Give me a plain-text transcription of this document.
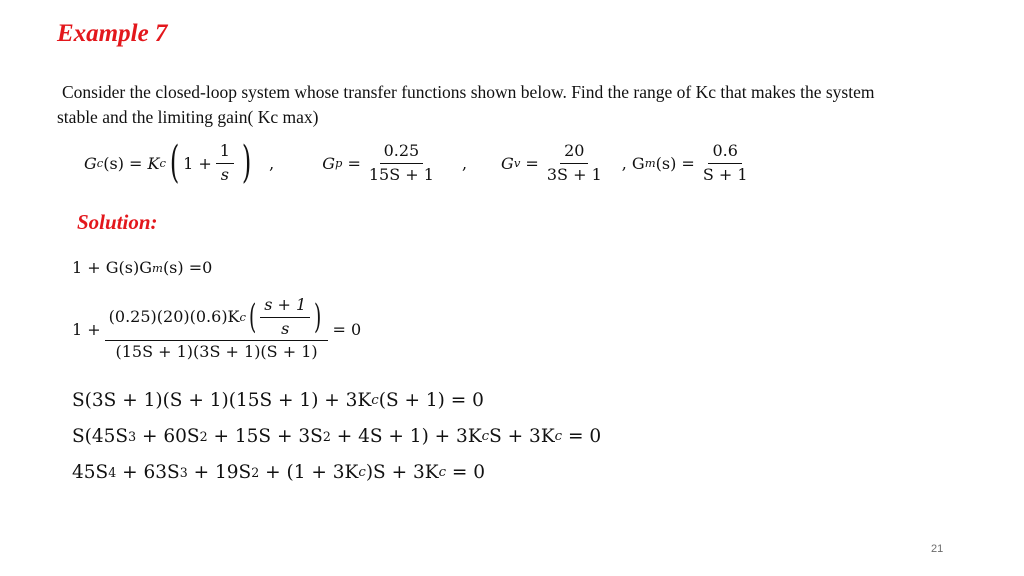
Example 7
Consider the closed-loop system whose transfer functions shown below. Find the range of Kc that makes the system
stable and the limiting gain( Kc max)
G c (s) = K c ( $1 + \frac{1}{s}$ ) ,	G $p = \frac{0.25}{15S + 1}$ , G $v = \frac{20}{3S + 1}$ , G m $(s) = \frac{0.6}{S + 1}$
Solution:
1 + G(s)G m (s) =0
1 +
(0.25)(20)(0.6)K c ( $\frac{s + 1}{s}$ )
(15S + 1)(3S + 1)(S + 1)
= 0
S(3S + 1)(S + 1)(15S + 1) + 3K c (S + 1) = 0
S(45S 3 + 60S 2 + 15S + 3S 2 + 4S + 1) + 3K c S + 3K c = 0
45S 4 + 63S 3 + 19S 2 + (1 + 3K c )S + 3K c = 0
21
